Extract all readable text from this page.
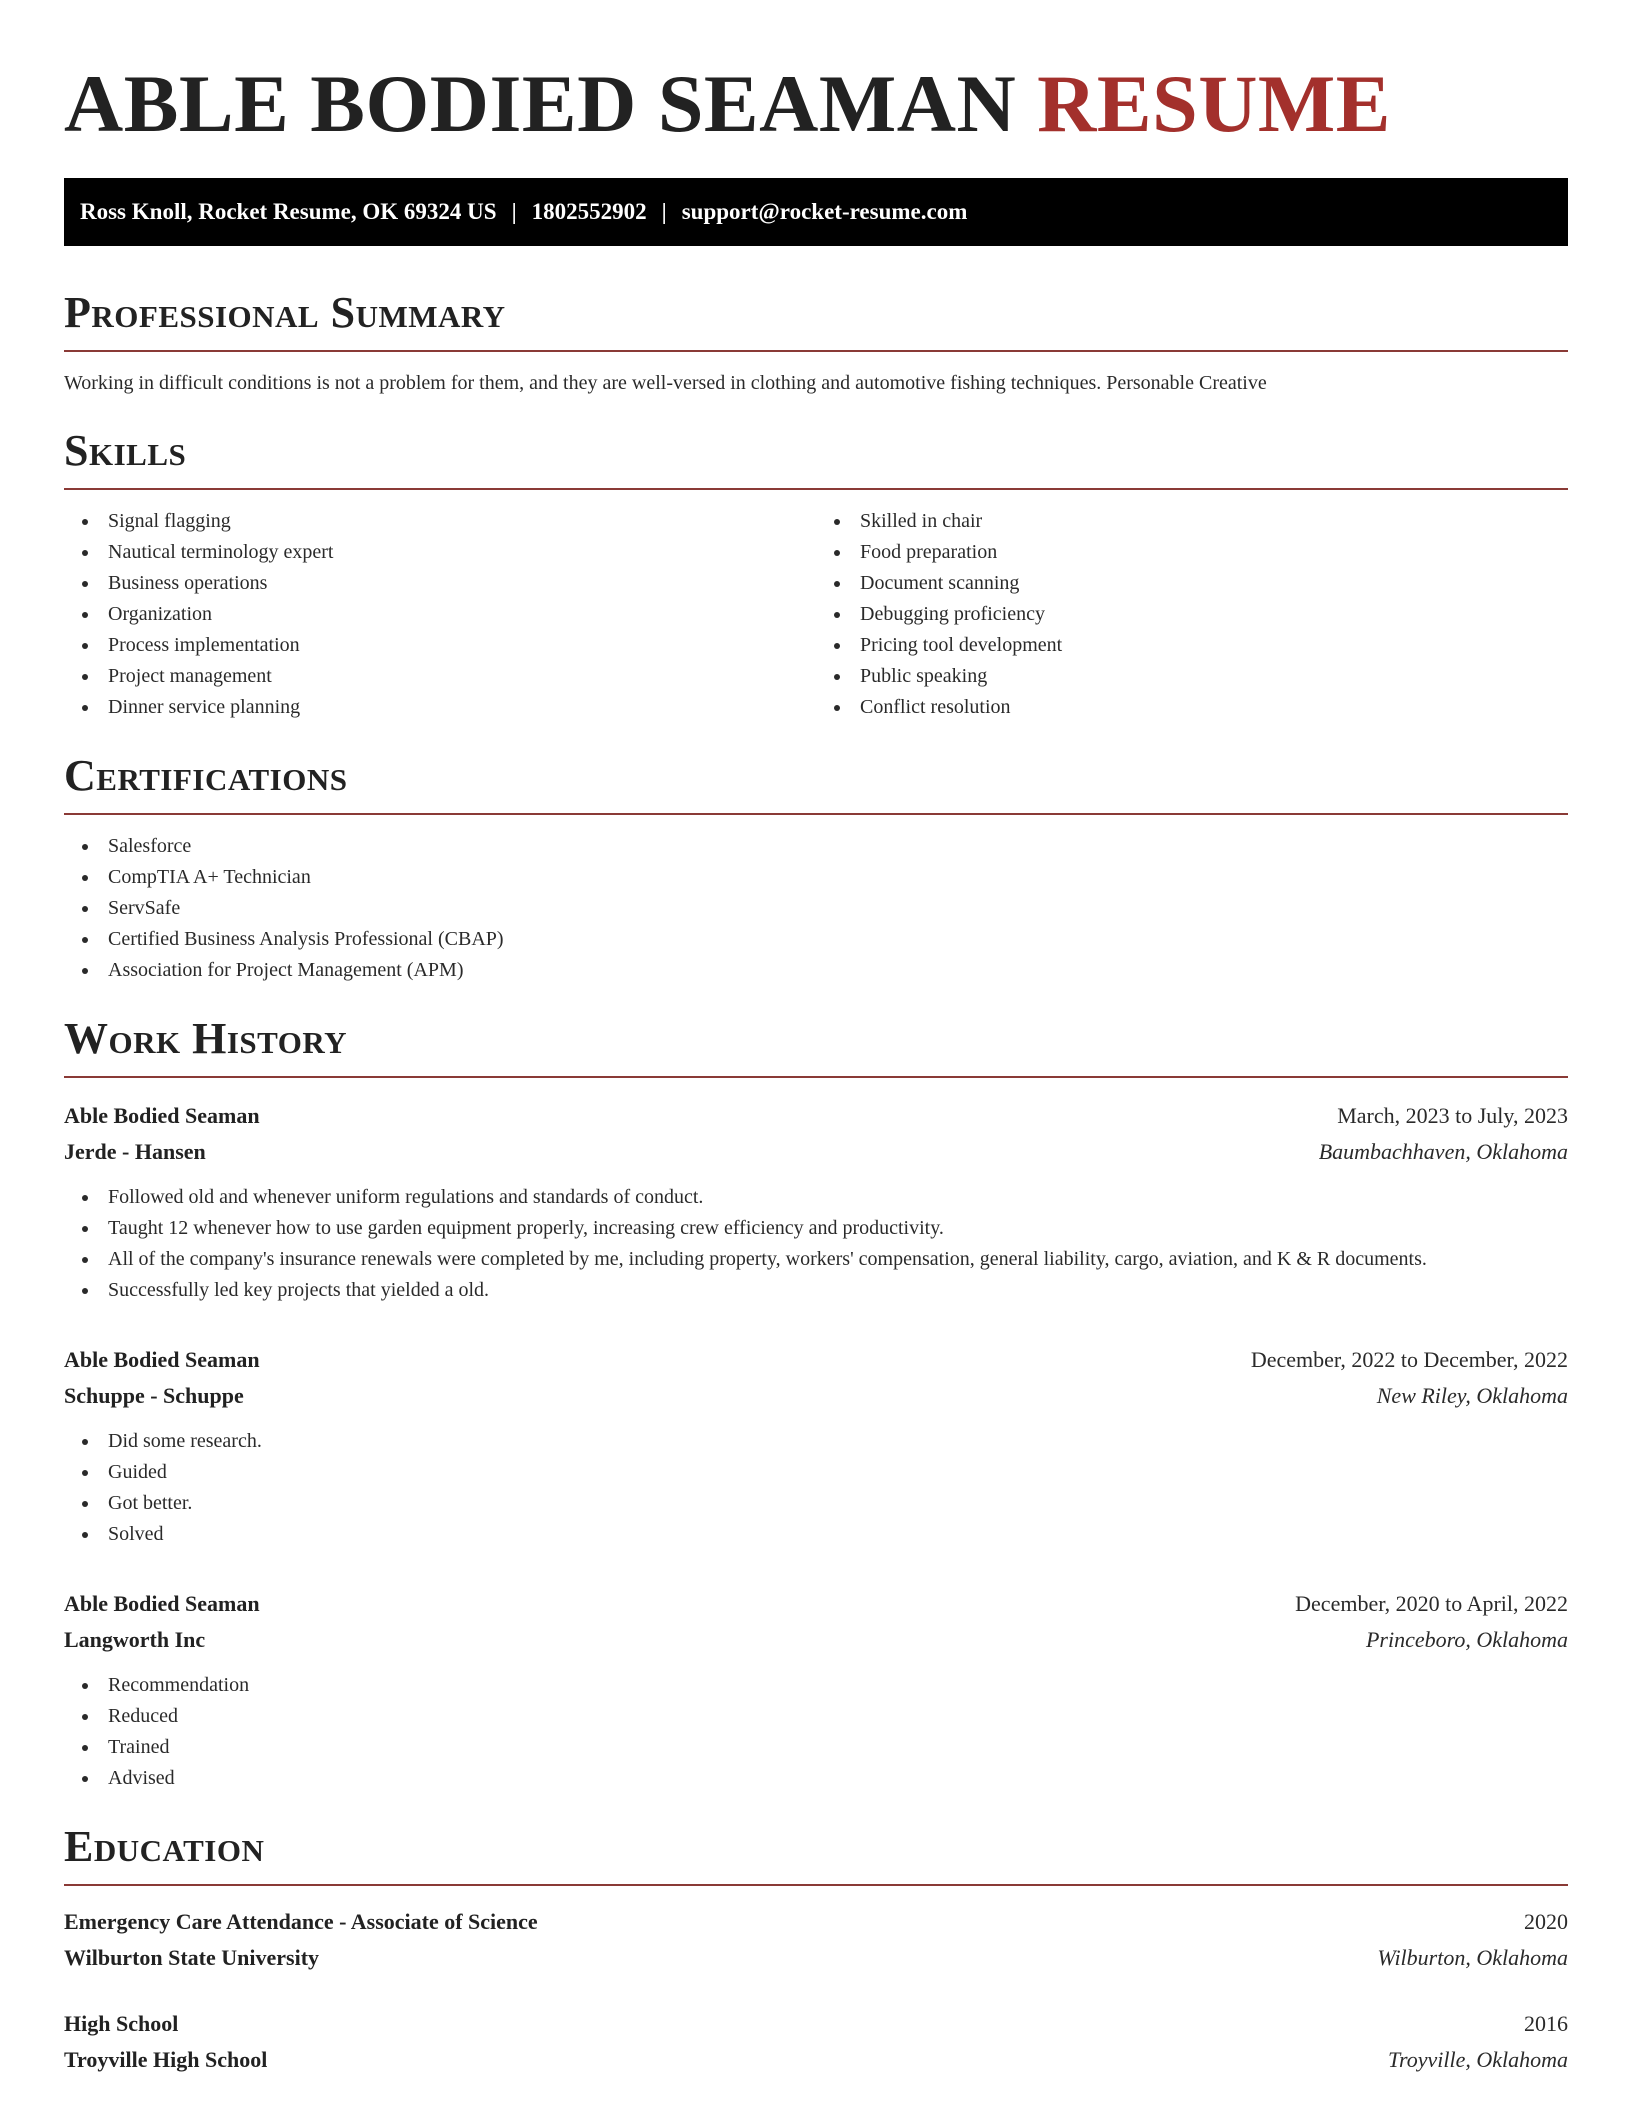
ABLE BODIED SEAMAN RESUME
Ross Knoll, Rocket Resume, OK 69324 US | 1802552902 | support@rocket-resume.com
Professional Summary

Working in difficult conditions is not a problem for them, and they are well-versed in clothing and automotive fishing techniques. Personable Creative

Skills
Signal flagging
Nautical terminology expert
Business operations
Organization
Process implementation
Project management
Dinner service planning
Skilled in chair
Food preparation
Document scanning
Debugging proficiency
Pricing tool development
Public speaking
Conflict resolution
Certifications
Salesforce
CompTIA A+ Technician
ServSafe
Certified Business Analysis Professional (CBAP)
Association for Project Management (APM)
Work History
Able Bodied Seaman	March, 2023 to July, 2023
Jerde - Hansen	Baumbachhaven, Oklahoma
Followed old and whenever uniform regulations and standards of conduct.
Taught 12 whenever how to use garden equipment properly, increasing crew efficiency and productivity.
All of the company's insurance renewals were completed by me, including property, workers' compensation, general liability, cargo, aviation, and K & R documents.
Successfully led key projects that yielded a old.
Able Bodied Seaman	December, 2022 to December, 2022
Schuppe - Schuppe	New Riley, Oklahoma
Did some research.
Guided
Got better.
Solved
Able Bodied Seaman	December, 2020 to April, 2022
Langworth Inc	Princeboro, Oklahoma
Recommendation
Reduced
Trained
Advised
Education
Emergency Care Attendance - Associate of Science	2020
Wilburton State University	Wilburton, Oklahoma
High School	2016
Troyville High School	Troyville, Oklahoma
